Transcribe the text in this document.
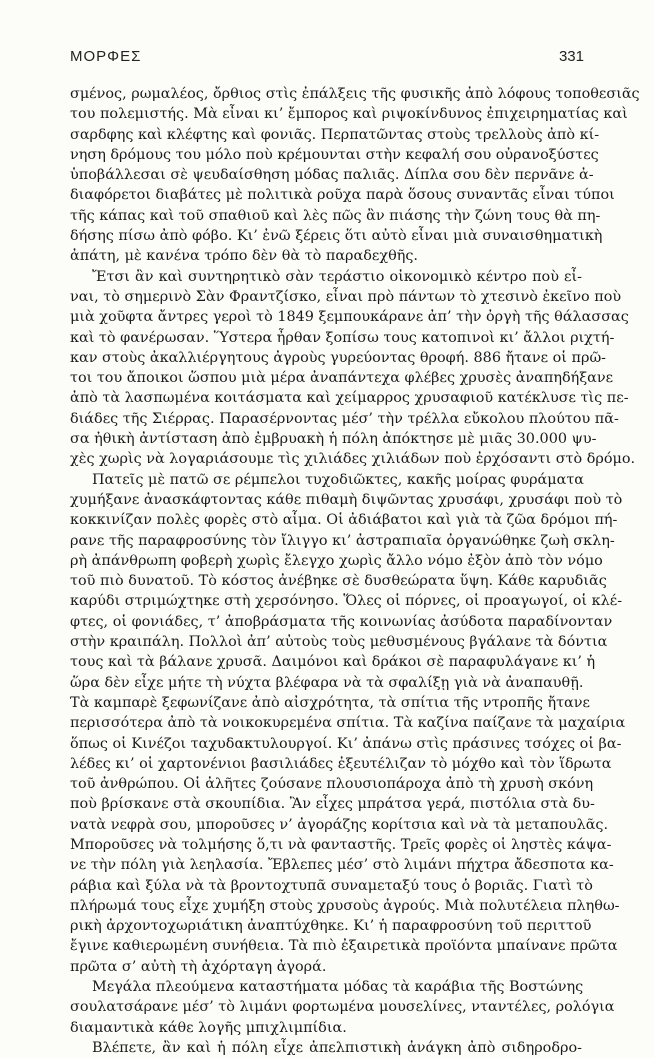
ΜΟΡΦΕΣ	331
σμένος, ρωμαλέος, ὄρθιος στὶς ἐπάλξεις τῆς φυσικῆς ἀπὸ λόφους τοποθεσιᾶς
του πολεμιστής. Μὰ εἶναι κι’ ἔμπορος καὶ ριψοκίνδυνος ἐπιχειρηματίας καὶ
σαρδφης καὶ κλέφτης καὶ φονιᾶς. Περπατῶντας στοὺς τρελλοὺς ἀπὸ κί-
νηση δρόμους του μόλο ποὺ κρέμουνται στὴν κεφαλή σου οὐρανοξύστες
ὑποβάλλεσαι σὲ ψευδαίσθηση μόδας παλιᾶς. Δίπλα σου δὲν περνᾶνε ἀ-
διαφόρετοι διαβάτες μὲ πολιτικὰ ροῦχα παρὰ ὅσους συναντᾶς εἶναι τύποι
τῆς κάπας καὶ τοῦ σπαθιοῦ καὶ λὲς πῶς ἂν πιάσης τὴν ζώνη τους θὰ πη-
δήσης πίσω ἀπὸ φόβο. Κι’ ἐνῶ ξέρεις ὅτι αὐτὸ εἶναι μιὰ συναισθηματικὴ
ἀπάτη, μὲ κανένα τρόπο δὲν θὰ τὸ παραδεχθῆς.
Ἔτσι ἂν καὶ συντηρητικὸ σὰν τεράστιο οἰκονομικὸ κέντρο ποὺ εἶ-
ναι, τὸ σημερινὸ Σὰν Φραντζίσκο, εἶναι πρὸ πάντων τὸ χτεσινὸ ἐκεῖνο ποὺ
μιὰ χοῦφτα ἄντρες γεροὶ τὸ 1849 ξεμπουκάρανε ἀπ’ τὴν ὀργὴ τῆς θάλασσας
καὶ τὸ φανέρωσαν. Ὕστερα ἦρθαν ξοπίσω τους κατοπινοὶ κι’ ἄλλοι ριχτή-
καν στοὺς ἀκαλλιέργητους ἀγροὺς γυρεύοντας θροφή. 886 ἤτανε οἱ πρῶ-
τοι του ἄποικοι ὥσπου μιὰ μέρα ἀναπάντεχα φλέβες χρυσὲς ἀναπηδήξανε
ἀπὸ τὰ λασπωμένα κοιτάσματα καὶ χείμαρρος χρυσαφιοῦ κατέκλυσε τὶς πε-
διάδες τῆς Σιέρρας. Παρασέρνοντας μέσ’ τὴν τρέλλα εὔκολου πλούτου πᾶ-
σα ἠθικὴ ἀντίσταση ἀπὸ ἐμβρυακὴ ἡ πόλη ἀπόκτησε μὲ μιᾶς 30.000 ψυ-
χὲς χωρὶς νὰ λογαριάσουμε τὶς χιλιάδες χιλιάδων ποὺ ἐρχόσαντι στὸ δρόμο.
Πατεῖς μὲ πατῶ σε ρέμπελοι τυχοδιῶκτες, κακῆς μοίρας φυράματα
χυμήξανε ἀνασκάφτοντας κάθε πιθαμὴ διψῶντας χρυσάφι, χρυσάφι ποὺ τὸ
κοκκινίζαν πολὲς φορὲς στὸ αἷμα. Οἱ ἀδιάβατοι καὶ γιὰ τὰ ζῶα δρόμοι πή-
ρανε τῆς παραφροσύνης τὸν ἴλιγγο κι’ ἀστραπιαῖα ὀργανώθηκε ζωὴ σκλη-
ρὴ ἀπάνθρωπη φοβερὴ χωρὶς ἔλεγχο χωρὶς ἄλλο νόμο ἐξὸν ἀπὸ τὸν νόμο
τοῦ πιὸ δυνατοῦ. Τὸ κόστος ἀνέβηκε σὲ δυσθεώρατα ὕψη. Κάθε καρυδιᾶς
καρύδι στριμώχτηκε στὴ χερσόνησο. Ὅλες οἱ πόρνες, οἱ προαγωγοί, οἱ κλέ-
φτες, οἱ φονιάδες, τ’ ἀποβράσματα τῆς κοινωνίας ἀσύδοτα παραδίνονταν
στὴν κραιπάλη. Πολλοὶ ἀπ’ αὐτοὺς τοὺς μεθυσμένους βγάλανε τὰ δόντια
τους καὶ τὰ βάλανε χρυσᾶ. Δαιμόνοι καὶ δράκοι σὲ παραφυλάγανε κι’ ἡ
ὥρα δὲν εἶχε μήτε τὴ νύχτα βλέφαρα νὰ τὰ σφαλίξῃ γιὰ νὰ ἀναπαυθῇ.
Τὰ καμπαρὲ ξεφωνίζανε ἀπὸ αἰσχρότητα, τὰ σπίτια τῆς ντροπῆς ἤτανε
περισσότερα ἀπὸ τὰ νοικοκυρεμένα σπίτια. Τὰ καζίνα παίζανε τὰ μαχαίρια
ὅπως οἱ Κινέζοι ταχυδακτυλουργοί. Κι’ ἀπάνω στὶς πράσινες τσόχες οἱ βα-
λέδες κι’ οἱ χαρτονένιοι βασιλιάδες ἐξευτέλιζαν τὸ μόχθο καὶ τὸν ἵδρωτα
τοῦ ἀνθρώπου. Οἱ ἀλῆτες ζούσανε πλουσιοπάροχα ἀπὸ τὴ χρυσὴ σκόνη
ποὺ βρίσκανε στὰ σκουπίδια. Ἂν εἶχες μπράτσα γερά, πιστόλια στὰ δυ-
νατὰ νεφρὰ σου, μποροῦσες ν’ ἀγοράζης κορίτσια καὶ νὰ τὰ μεταπουλᾶς.
Μποροῦσες νὰ τολμήσης ὅ,τι νὰ φανταστῆς. Τρεῖς φορὲς οἱ ληστὲς κάψα-
νε τὴν πόλη γιὰ λεηλασία. Ἔβλεπες μέσ’ στὸ λιμάνι πήχτρα ἄδεσποτα κα-
ράβια καὶ ξύλα νὰ τὰ βροντοχτυπᾶ συναμεταξύ τους ὁ βοριᾶς. Γιατὶ τὸ
πλήρωμά τους εἶχε χυμήξη στοὺς χρυσοὺς ἀγρούς. Μιὰ πολυτέλεια πληθω-
ρικὴ ἀρχοντοχωριάτικη ἀναπτύχθηκε. Κι’ ἡ παραφροσύνη τοῦ περιττοῦ
ἔγινε καθιερωμένη συνήθεια. Τὰ πιὸ ἐξαιρετικὰ προϊόντα μπαίνανε πρῶτα
πρῶτα σ’ αὐτὴ τὴ ἀχόρταγη ἀγορά.
Μεγάλα πλεούμενα καταστήματα μόδας τὰ καράβια τῆς Βοστώνης
σουλατσάρανε μέσ’ τὸ λιμάνι φορτωμένα μουσελίνες, νταντέλες, ρολόγια
διαμαντικὰ κάθε λογῆς μπιχλιμπίδια.
Βλέπετε, ἂν καὶ ἡ πόλη εἶχε ἀπελπιστικὴ ἀνάγκη ἀπὸ σιδηροδρο-
